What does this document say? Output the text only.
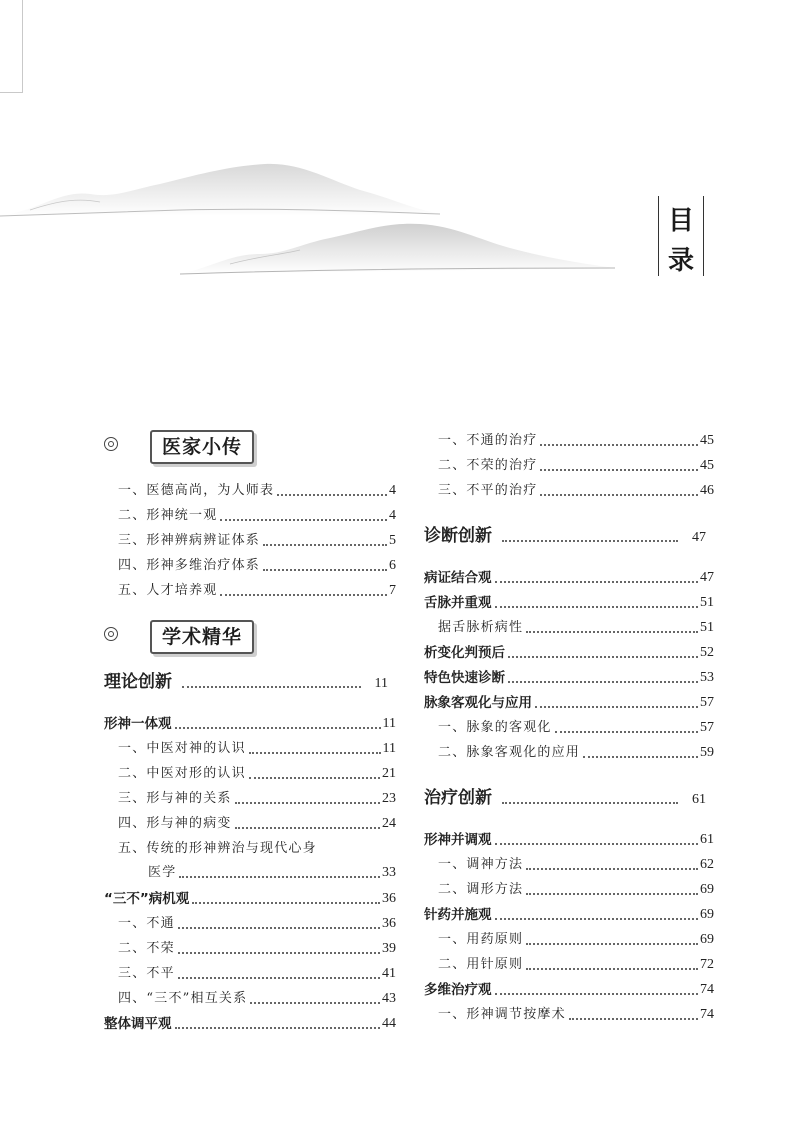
目
录
医家小传
一、医德高尚，为人师表	4
二、形神统一观	4
三、形神辨病辨证体系	5
四、形神多维治疗体系	6
五、人才培养观	7
学术精华
理论创新	11
形神一体观	11
一、中医对神的认识	11
二、中医对形的认识	21
三、形与神的关系	23
四、形与神的病变	24
五、传统的形神辨治与现代心身
医学	33
“三不”病机观	36
一、不通	36
二、不荣	39
三、不平	41
四、“三不”相互关系	43
整体调平观	44
一、不通的治疗	45
二、不荣的治疗	45
三、不平的治疗	46
诊断创新	47
病证结合观	47
舌脉并重观	51
据舌脉析病性	51
析变化判预后	52
特色快速诊断	53
脉象客观化与应用	57
一、脉象的客观化	57
二、脉象客观化的应用	59
治疗创新	61
形神并调观	61
一、调神方法	62
二、调形方法	69
针药并施观	69
一、用药原则	69
二、用针原则	72
多维治疗观	74
一、形神调节按摩术	74
